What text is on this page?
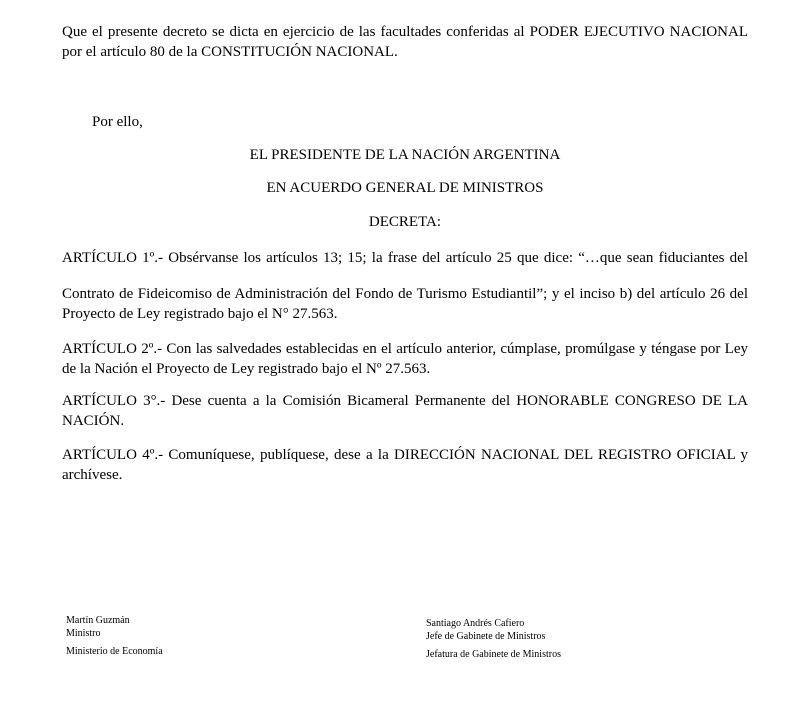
Que el presente decreto se dicta en ejercicio de las facultades conferidas al PODER EJECUTIVO NACIONAL por el artículo 80 de la CONSTITUCIÓN NACIONAL.

Por ello,

EL PRESIDENTE DE LA NACIÓN ARGENTINA

EN ACUERDO GENERAL DE MINISTROS

DECRETA:

ARTÍCULO 1º.- Obsérvanse los artículos 13; 15; la frase del artículo 25 que dice: “…que sean fiduciantes del

Contrato de Fideicomiso de Administración del Fondo de Turismo Estudiantil”; y el inciso b) del artículo 26 del Proyecto de Ley registrado bajo el N° 27.563.

ARTÍCULO 2º.- Con las salvedades establecidas en el artículo anterior, cúmplase, promúlgase y téngase por Ley de la Nación el Proyecto de Ley registrado bajo el Nº 27.563.

ARTÍCULO 3°.- Dese cuenta a la Comisión Bicameral Permanente del HONORABLE CONGRESO DE LA NACIÓN.

ARTÍCULO 4º.- Comuníquese, publíquese, dese a la DIRECCIÓN NACIONAL DEL REGISTRO OFICIAL y archívese.

Martín Guzmán

Ministro

Ministerio de Economía

Santiago Andrés Cafiero

Jefe de Gabinete de Ministros

Jefatura de Gabinete de Ministros
